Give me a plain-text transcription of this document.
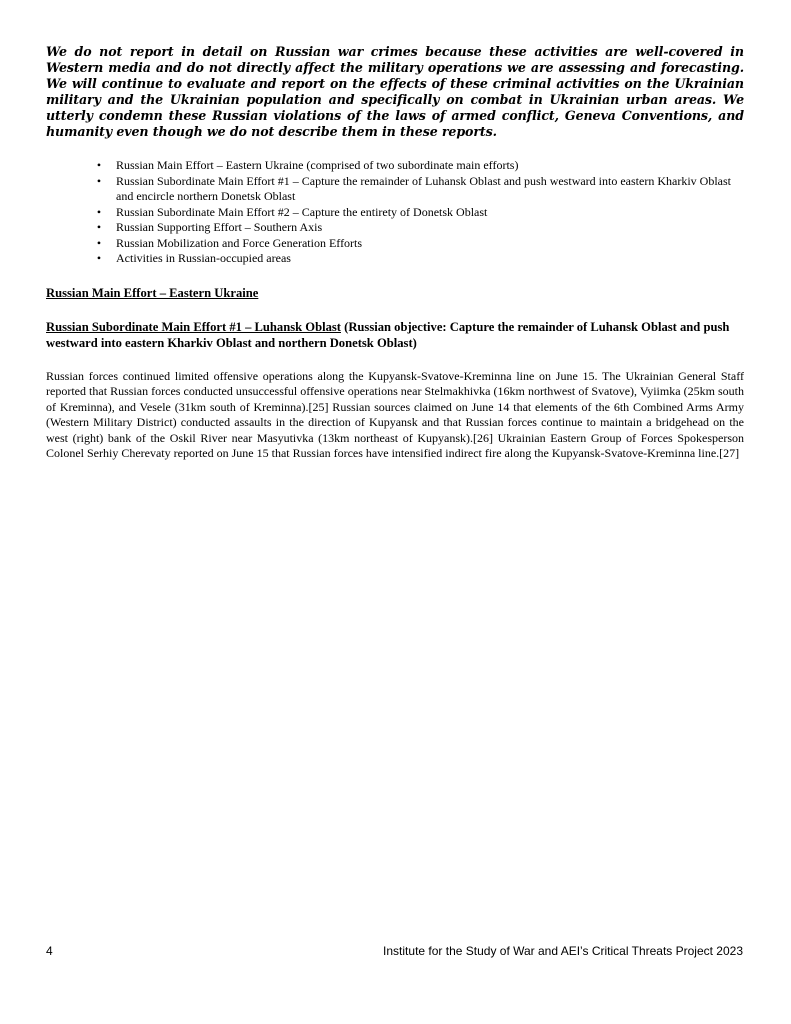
We do not report in detail on Russian war crimes because these activities are well-covered in Western media and do not directly affect the military operations we are assessing and forecasting. We will continue to evaluate and report on the effects of these criminal activities on the Ukrainian military and the Ukrainian population and specifically on combat in Ukrainian urban areas. We utterly condemn these Russian violations of the laws of armed conflict, Geneva Conventions, and humanity even though we do not describe them in these reports.

• Russian Main Effort – Eastern Ukraine (comprised of two subordinate main efforts)
• Russian Subordinate Main Effort #1 – Capture the remainder of Luhansk Oblast and push westward into eastern Kharkiv Oblast and encircle northern Donetsk Oblast
• Russian Subordinate Main Effort #2 – Capture the entirety of Donetsk Oblast
• Russian Supporting Effort – Southern Axis
• Russian Mobilization and Force Generation Efforts
• Activities in Russian-occupied areas

Russian Main Effort – Eastern Ukraine

Russian Subordinate Main Effort #1 – Luhansk Oblast (Russian objective: Capture the remainder of Luhansk Oblast and push westward into eastern Kharkiv Oblast and northern Donetsk Oblast)

Russian forces continued limited offensive operations along the Kupyansk-Svatove-Kreminna line on June 15. The Ukrainian General Staff reported that Russian forces conducted unsuccessful offensive operations near Stelmakhivka (16km northwest of Svatove), Vyiimka (25km south of Kreminna), and Vesele (31km south of Kreminna).[25] Russian sources claimed on June 14 that elements of the 6th Combined Arms Army (Western Military District) conducted assaults in the direction of Kupyansk and that Russian forces continue to maintain a bridgehead on the west (right) bank of the Oskil River near Masyutivka (13km northeast of Kupyansk).[26] Ukrainian Eastern Group of Forces Spokesperson Colonel Serhiy Cherevaty reported on June 15 that Russian forces have intensified indirect fire along the Kupyansk-Svatove-Kreminna line.[27]

4	Institute for the Study of War and AEI’s Critical Threats Project 2023
